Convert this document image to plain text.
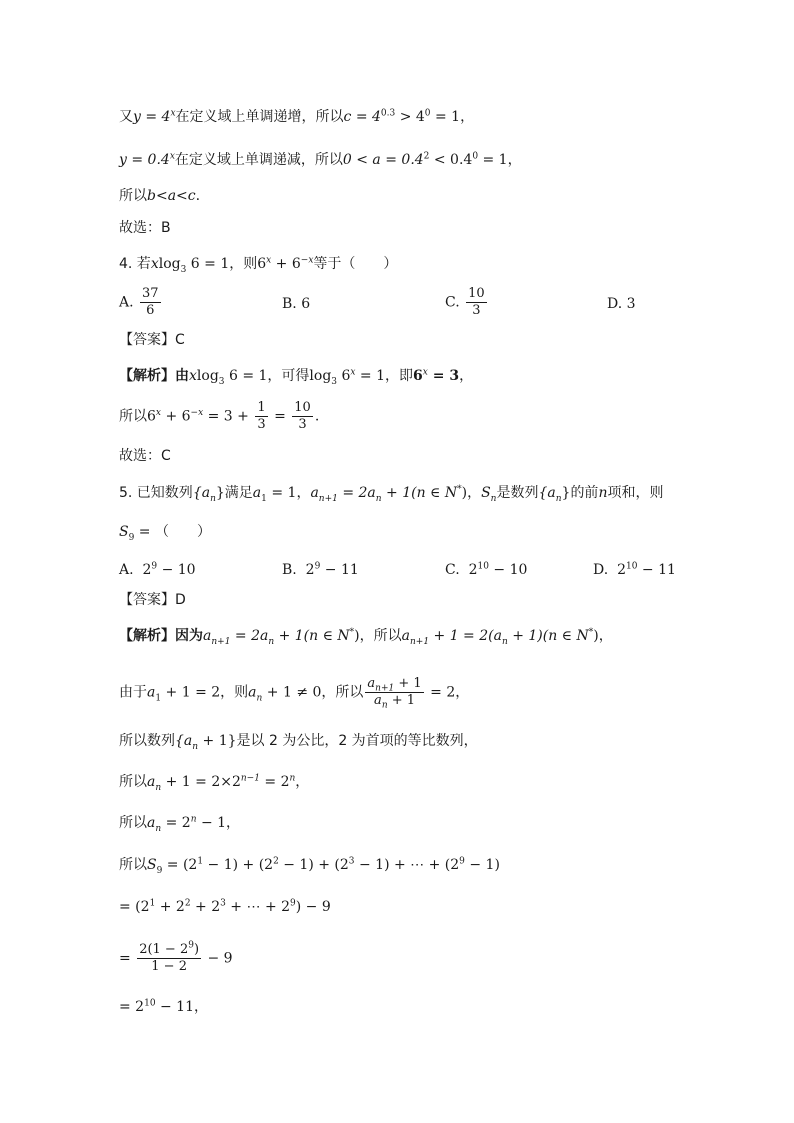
又$y = 4^x$在定义域上单调递增，所以$c = 4^{0.3} > 4^0 = 1$，
$y = 0.4^x$在定义域上单调递减，所以$0 < a = 0.4^2 < 0.4^0 = 1$，
所以b<a<c.
故选：B
4. 若xlog$_3$ 6 = 1，则$6^x + 6^{-x}$等于（　　）
A. $\frac{37}{6}$	B. 6	C. $\frac{10}{3}$	D. 3
【答案】C
【解析】由xlog$_3$ 6 = 1，可得$\log_3 6^x = 1$，即$6^x = 3$，
所以$6^x + 6^{-x} = 3 + \frac{1}{3} = \frac{10}{3}$ .
故选：C
5. 已知数列$\{a_n\}$满足$a_1 = 1$，$a_{n+1} = 2a_n + 1(n$ ∈ N*)，$S_n$是数列$\{a_n\}$的前n项和，则
$S_9$ = （　　）
A. $2^9 - 10$	B. $2^9 - 11$	C. $2^{10} - 10$	D. $2^{10} - 11$
【答案】D
【解析】因为$a_{n+1} = 2a_n + 1(n$ ∈ N*)，所以$a_{n+1} + 1 = 2(a_n + 1)(n$ ∈ N*)，
由于$a_1 + 1 = 2$，则$a_n + 1 \ne 0$，所以 $\frac{a_{n+1} + 1}{a_n + 1} = 2$，
所以数列$\{a_n + 1\}$是以 2 为公比，2 为首项的等比数列，
所以$a_n + 1 = 2\times 2^{n-1} = 2^n$，
所以$a_n = 2^n - 1$，
所以$S_9 = (2^1 - 1) + (2^2 - 1) + (2^3 - 1)$ + ⋯ + $(2^9 - 1)$
= ($2^1 + 2^2 + 2^3$ + ⋯ + $2^9) - 9$
= $\frac{2(1 - 2^9)}{1 - 2} - 9$
= $2^{10} - 11$，
